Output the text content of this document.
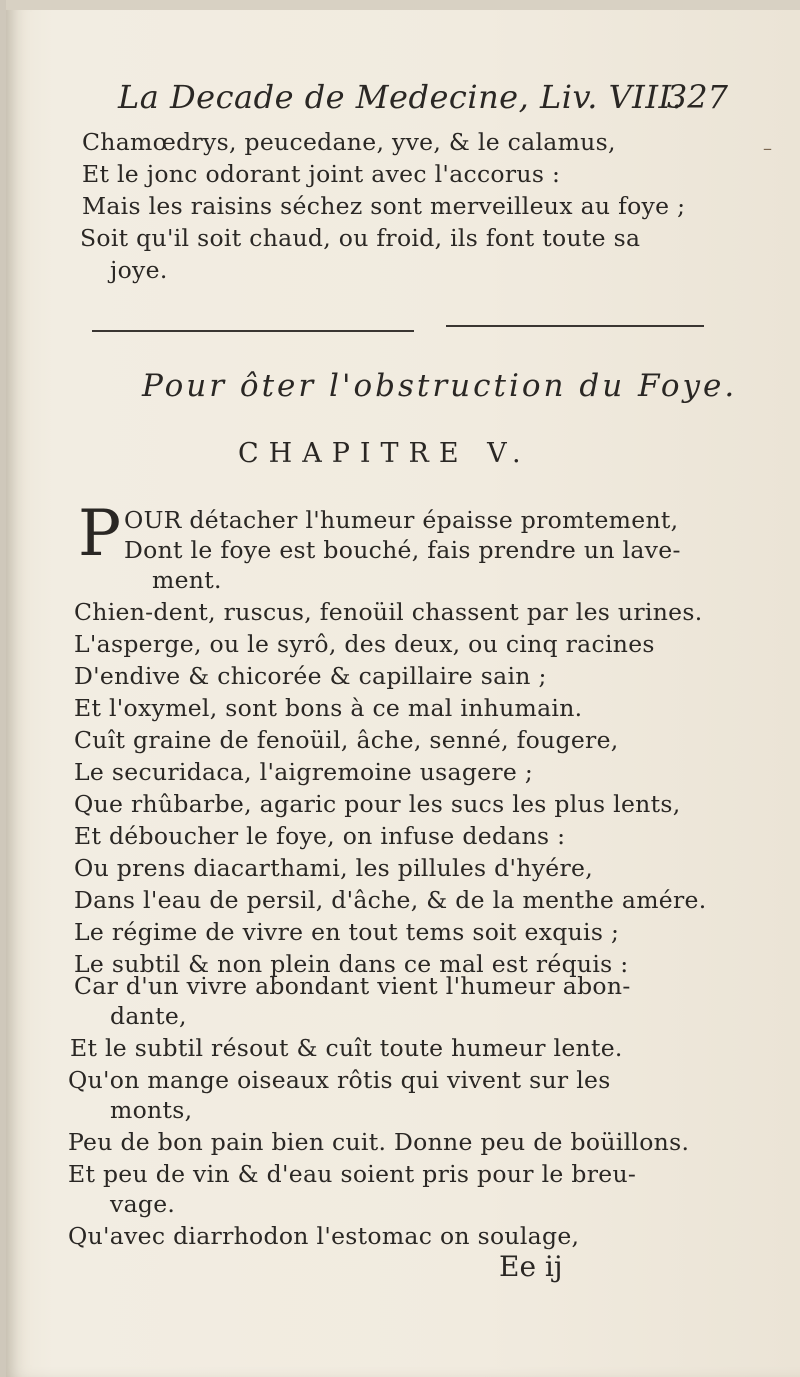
–
La Decade de Medecine, Liv. VIII.
327
Chamœdrys, peucedane, yve, & le calamus,
Et le jonc odorant joint avec l'accorus :
Mais les raisins séchez sont merveilleux au foye ;
Soit qu'il soit chaud, ou froid, ils font toute sa
joye.
Pour ôter l'obstruction du Foye.
CHAPITRE V.
P OUR détacher l'humeur épaisse promtement,
Dont le foye est bouché, fais prendre un lave-
ment.
Chien-dent, ruscus, fenoüil chassent par les urines.
L'asperge, ou le syrô, des deux, ou cinq racines
D'endive & chicorée & capillaire sain ;
Et l'oxymel, sont bons à ce mal inhumain.
Cuît graine de fenoüil, âche, senné, fougere,
Le securidaca, l'aigremoine usagere ;
Que rhûbarbe, agaric pour les sucs les plus lents,
Et déboucher le foye, on infuse dedans :
Ou prens diacarthami, les pillules d'hyére,
Dans l'eau de persil, d'âche, & de la menthe amére.
Le régime de vivre en tout tems soit exquis ;
Le subtil & non plein dans ce mal est réquis :
Car d'un vivre abondant vient l'humeur abon-
dante,
Et le subtil résout & cuît toute humeur lente.
Qu'on mange oiseaux rôtis qui vivent sur les
monts,
Peu de bon pain bien cuit. Donne peu de boüillons.
Et peu de vin & d'eau soient pris pour le breu-
vage.
Qu'avec diarrhodon l'estomac on soulage,
Ee ij
